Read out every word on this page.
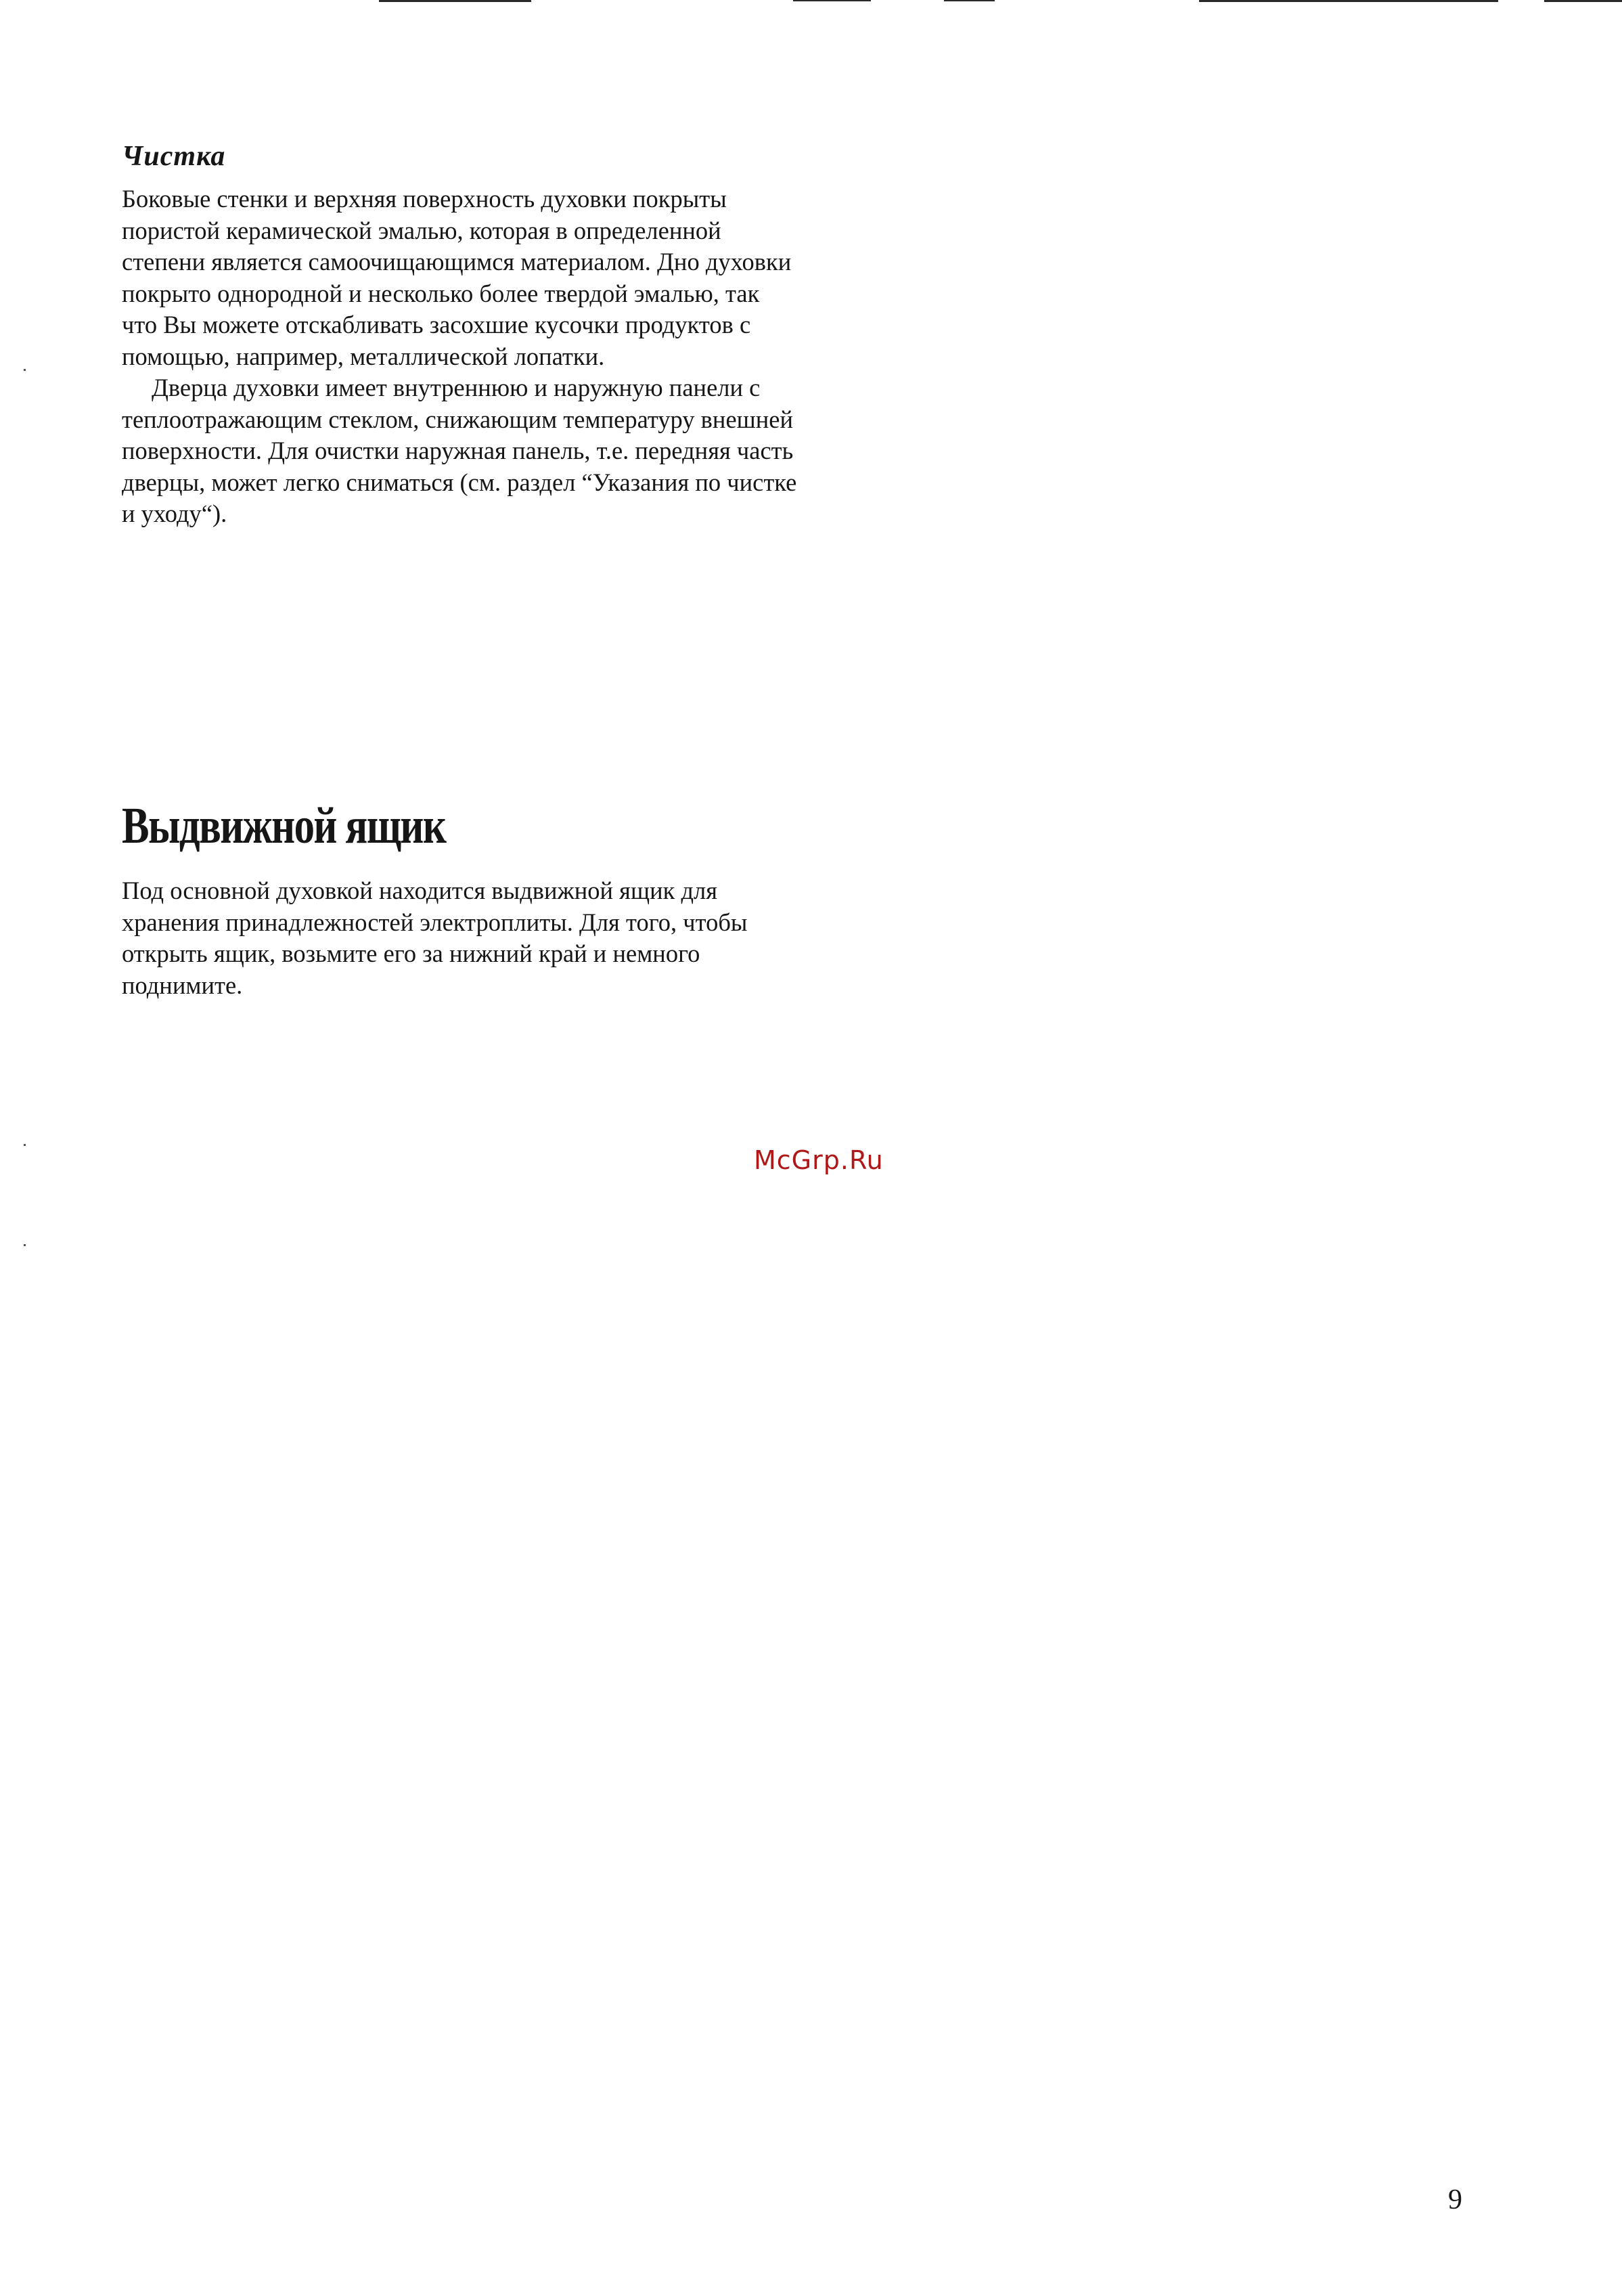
Чистка

Боковые стенки и верхняя поверхность духовки покрыты пористой керамической эмалью, которая в определенной степени является самоочищающимся материалом. Дно духовки покрыто однородной и несколько более твердой эмалью, так что Вы можете отскабливать засохшие кусочки продуктов с помощью, например, металлической лопатки.

Дверца духовки имеет внутреннюю и наружную панели с теплоотражающим стеклом, снижающим температуру внешней поверхности. Для очистки наружная панель, т.е. передняя часть дверцы, может легко сниматься (см. раздел “Указания по чистке и уходу“).

Выдвижной ящик

Под основной духовкой находится выдвижной ящик для хранения принадлежностей электроплиты. Для того, чтобы открыть ящик, возьмите его за нижний край и немного поднимите.

McGrp.Ru
9
